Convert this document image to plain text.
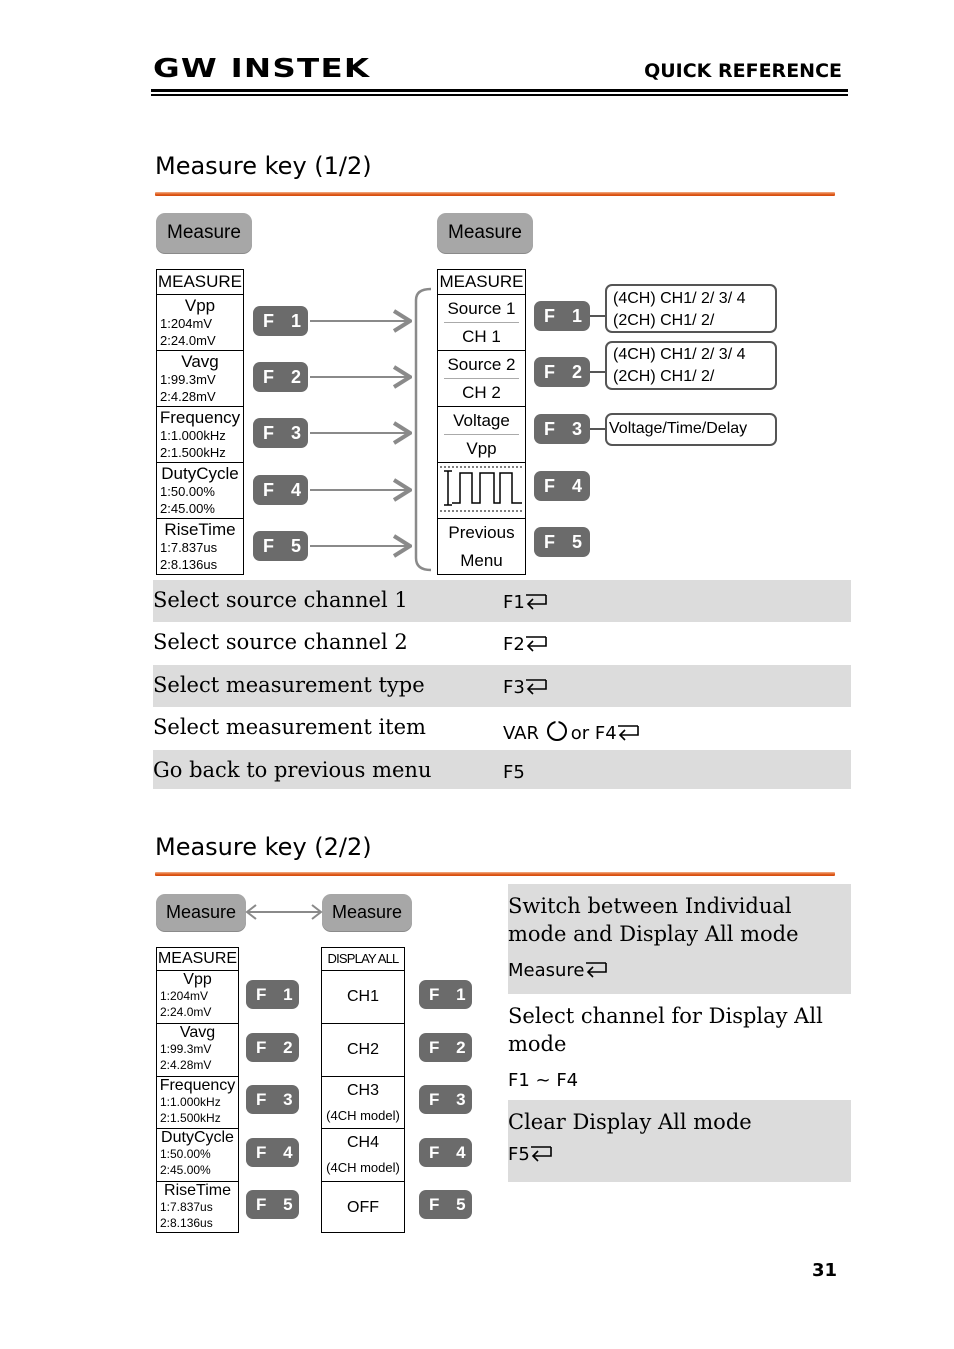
GW INSTEK	QUICK REFERENCE
Measure key (1/2)
Measure	Measure
MEASURE
Vpp
1:204mV
2:24.0mV
Vavg
1:99.3mV
2:4.28mV
Frequency
1:1.000kHz
2:1.500kHz
DutyCycle
1:50.00%
2:45.00%
RiseTime
1:7.837us
2:8.136us
F 1
F 2
F 3
F 4
F 5
MEASURE
Source 1
CH 1
Source 2
CH 2
Voltage
Vpp
Previous
Menu
F 1
F 2
F 3
F 4
F 5
(4CH) CH1/ 2/ 3/ 4
(2CH) CH1/ 2/
(4CH) CH1/ 2/ 3/ 4
(2CH) CH1/ 2/
Voltage/Time/Delay
Select source channel 1	F1
Select source channel 2	F2
Select measurement type	F3
Select measurement item	VAR or F4
Go back to previous menu	F5
Measure key (2/2)
Measure	Measure
MEASURE
Vpp
1:204mV
2:24.0mV
Vavg
1:99.3mV
2:4.28mV
Frequency
1:1.000kHz
2:1.500kHz
DutyCycle
1:50.00%
2:45.00%
RiseTime
1:7.837us
2:8.136us
F 1
F 2
F 3
F 4
F 5
DISPLAY ALL
CH1
CH2
CH3
(4CH model)
CH4
(4CH model)
OFF
F 1
F 2
F 3
F 4
F 5
Switch between Individual mode and Display All mode
Measure
Select channel for Display All mode
F1 ~ F4
Clear Display All mode
F5
31
